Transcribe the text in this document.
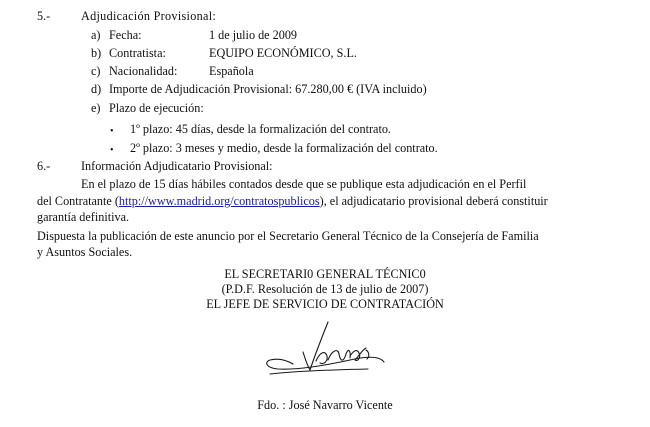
5.-	Adjudicación Provisional:
a) Fecha:	1 de julio de 2009
b) Contratista:	EQUIPO ECONÓMICO, S.L.
c) Nacionalidad:	Española
d) Importe de Adjudicación Provisional: 67.280,00 € (IVA incluido)
e) Plazo de ejecución:
• 1º plazo: 45 días, desde la formalización del contrato.
• 2º plazo: 3 meses y medio, desde la formalización del contrato.
6.-	Información Adjudicatario Provisional:
En el plazo de 15 días hábiles contados desde que se publique esta adjudicación en el Perfil
del Contratante (http://www.madrid.org/contratospublicos), el adjudicatario provisional deberá constituir
garantía definitiva.
Dispuesta la publicación de este anuncio por el Secretario General Técnico de la Consejería de Familia
y Asuntos Sociales.
EL SECRETARI0 GENERAL TÉCNIC0
(P.D.F. Resolución de 13 de julio de 2007)
EL JEFE DE SERVICIO DE CONTRATACIÓN
Fdo. : José Navarro Vicente
